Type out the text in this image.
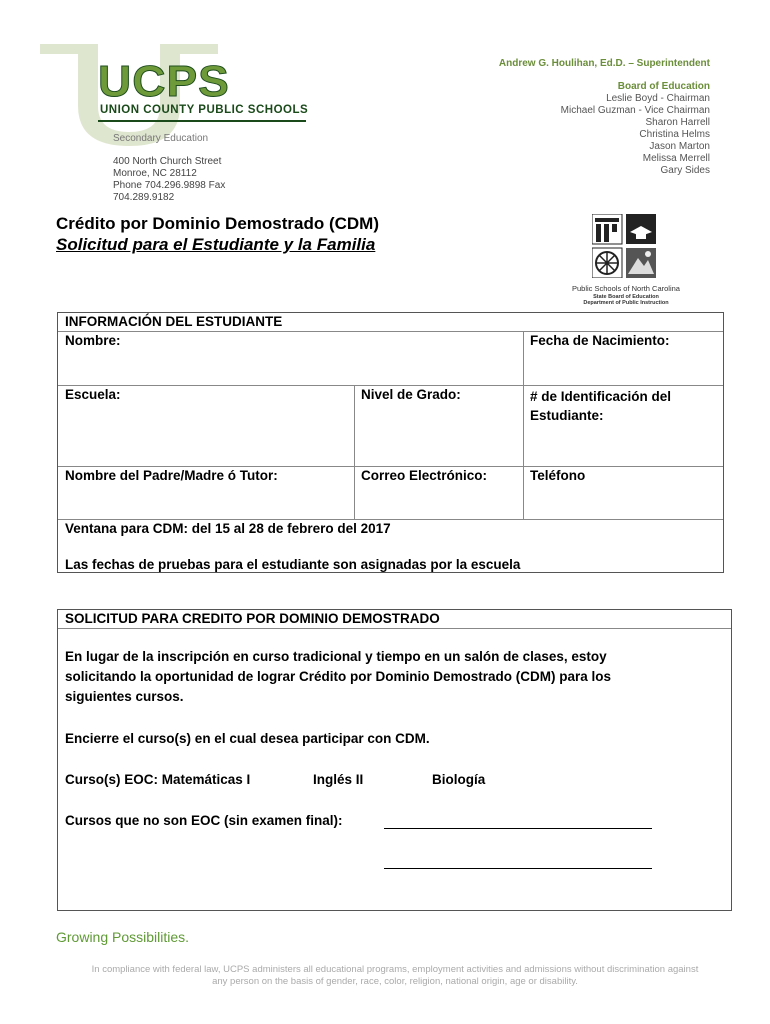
UCPS
UNION COUNTY PUBLIC SCHOOLS
Secondary Education
400 North Church Street
Monroe, NC 28112
Phone 704.296.9898 Fax
704.289.9182
Andrew G. Houlihan, Ed.D. – Superintendent
Board of Education
Leslie Boyd - Chairman
Michael Guzman - Vice Chairman
Sharon Harrell
Christina Helms
Jason Marton
Melissa Merrell
Gary Sides
Crédito por Dominio Demostrado (CDM)
Solicitud para el Estudiante y la Familia
Public Schools of North Carolina
State Board of Education
Department of Public Instruction
INFORMACIÓN DEL ESTUDIANTE
Nombre:	Fecha de Nacimiento:
Escuela:	Nivel de Grado:	# de Identificación del
Estudiante:
Nombre del Padre/Madre ó Tutor:	Correo Electrónico:	Teléfono
Ventana para CDM: del 15 al 28 de febrero del 2017
Las fechas de pruebas para el estudiante son asignadas por la escuela
SOLICITUD PARA CREDITO POR DOMINIO DEMOSTRADO
En lugar de la inscripción en curso tradicional y tiempo en un salón de clases, estoy
solicitando la oportunidad de lograr Crédito por Dominio Demostrado (CDM) para los
siguientes cursos.
Encierre el curso(s) en el cual desea participar con CDM.
Curso(s) EOC: Matemáticas I	Inglés II	Biología
Cursos que no son EOC (sin examen final):
Growing Possibilities.
In compliance with federal law, UCPS administers all educational programs, employment activities and admissions without discrimination against
any person on the basis of gender, race, color, religion, national origin, age or disability.
